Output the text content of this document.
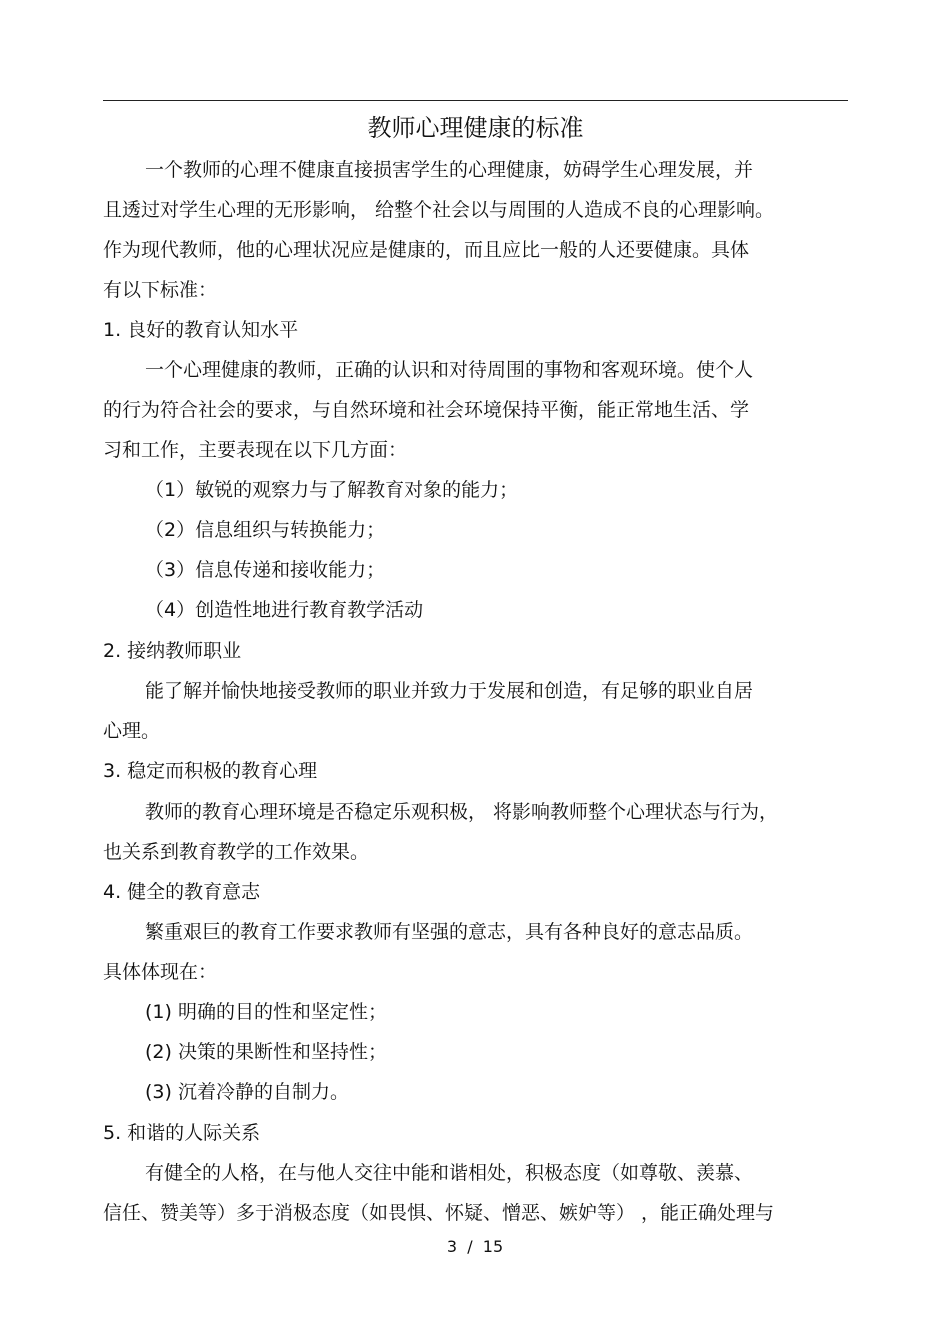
教师心理健康的标准
一个教师的心理不健康直接损害学生的心理健康，妨碍学生心理发展，并
且透过对学生心理的无形影响， 给整个社会以与周围的人造成不良的心理影响。
作为现代教师，他的心理状况应是健康的，而且应比一般的人还要健康。具体
有以下标准：
1. 良好的教育认知水平
一个心理健康的教师，正确的认识和对待周围的事物和客观环境。使个人
的行为符合社会的要求，与自然环境和社会环境保持平衡，能正常地生活、学
习和工作，主要表现在以下几方面：
（1）敏锐的观察力与了解教育对象的能力；
（2）信息组织与转换能力；
（3）信息传递和接收能力；
（4）创造性地进行教育教学活动
2. 接纳教师职业
能了解并愉快地接受教师的职业并致力于发展和创造，有足够的职业自居
心理。
3. 稳定而积极的教育心理
教师的教育心理环境是否稳定乐观积极， 将影响教师整个心理状态与行为，
也关系到教育教学的工作效果。
4. 健全的教育意志
繁重艰巨的教育工作要求教师有坚强的意志，具有各种良好的意志品质。
具体体现在：
(1) 明确的目的性和坚定性；
(2) 决策的果断性和坚持性；
(3) 沉着冷静的自制力。
5. 和谐的人际关系
有健全的人格，在与他人交往中能和谐相处，积极态度（如尊敬、羡慕、
信任、赞美等）多于消极态度（如畏惧、怀疑、憎恶、嫉妒等） ，能正确处理与
3  /  15
